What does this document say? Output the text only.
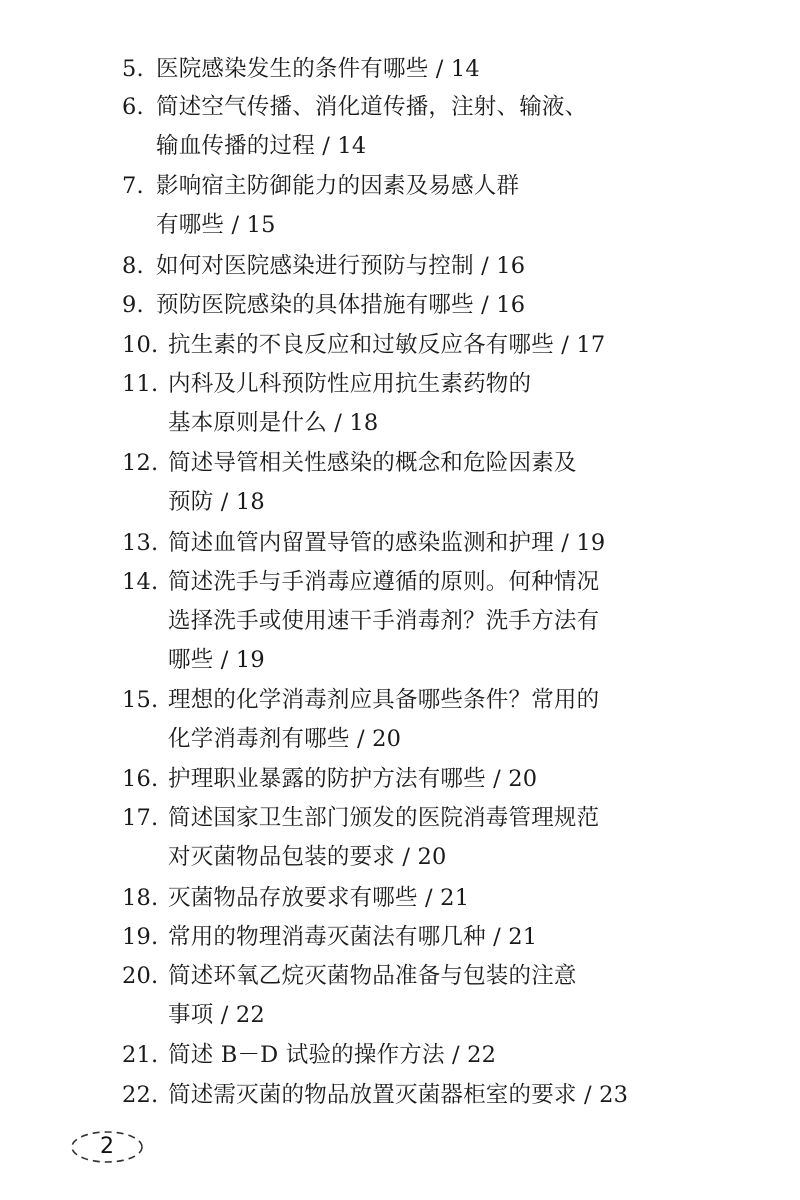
5. 医院感染发生的条件有哪些 ∕ 14
6. 简述空气传播、消化道传播，注射、输液、
输血传播的过程 ∕ 14
7. 影响宿主防御能力的因素及易感人群
有哪些 ∕ 15
8. 如何对医院感染进行预防与控制 ∕ 16
9. 预防医院感染的具体措施有哪些 ∕ 16
10. 抗生素的不良反应和过敏反应各有哪些 ∕ 17
11. 内科及儿科预防性应用抗生素药物的
基本原则是什么 ∕ 18
12. 简述导管相关性感染的概念和危险因素及
预防 ∕ 18
13. 简述血管内留置导管的感染监测和护理 ∕ 19
14. 简述洗手与手消毒应遵循的原则。何种情况
选择洗手或使用速干手消毒剂？洗手方法有
哪些 ∕ 19
15. 理想的化学消毒剂应具备哪些条件？常用的
化学消毒剂有哪些 ∕ 20
16. 护理职业暴露的防护方法有哪些 ∕ 20
17. 简述国家卫生部门颁发的医院消毒管理规范
对灭菌物品包装的要求 ∕ 20
18. 灭菌物品存放要求有哪些 ∕ 21
19. 常用的物理消毒灭菌法有哪几种 ∕ 21
20. 简述环氧乙烷灭菌物品准备与包装的注意
事项 ∕ 22
21. 简述 B－D 试验的操作方法 ∕ 22
22. 简述需灭菌的物品放置灭菌器柜室的要求 ∕ 23
2
